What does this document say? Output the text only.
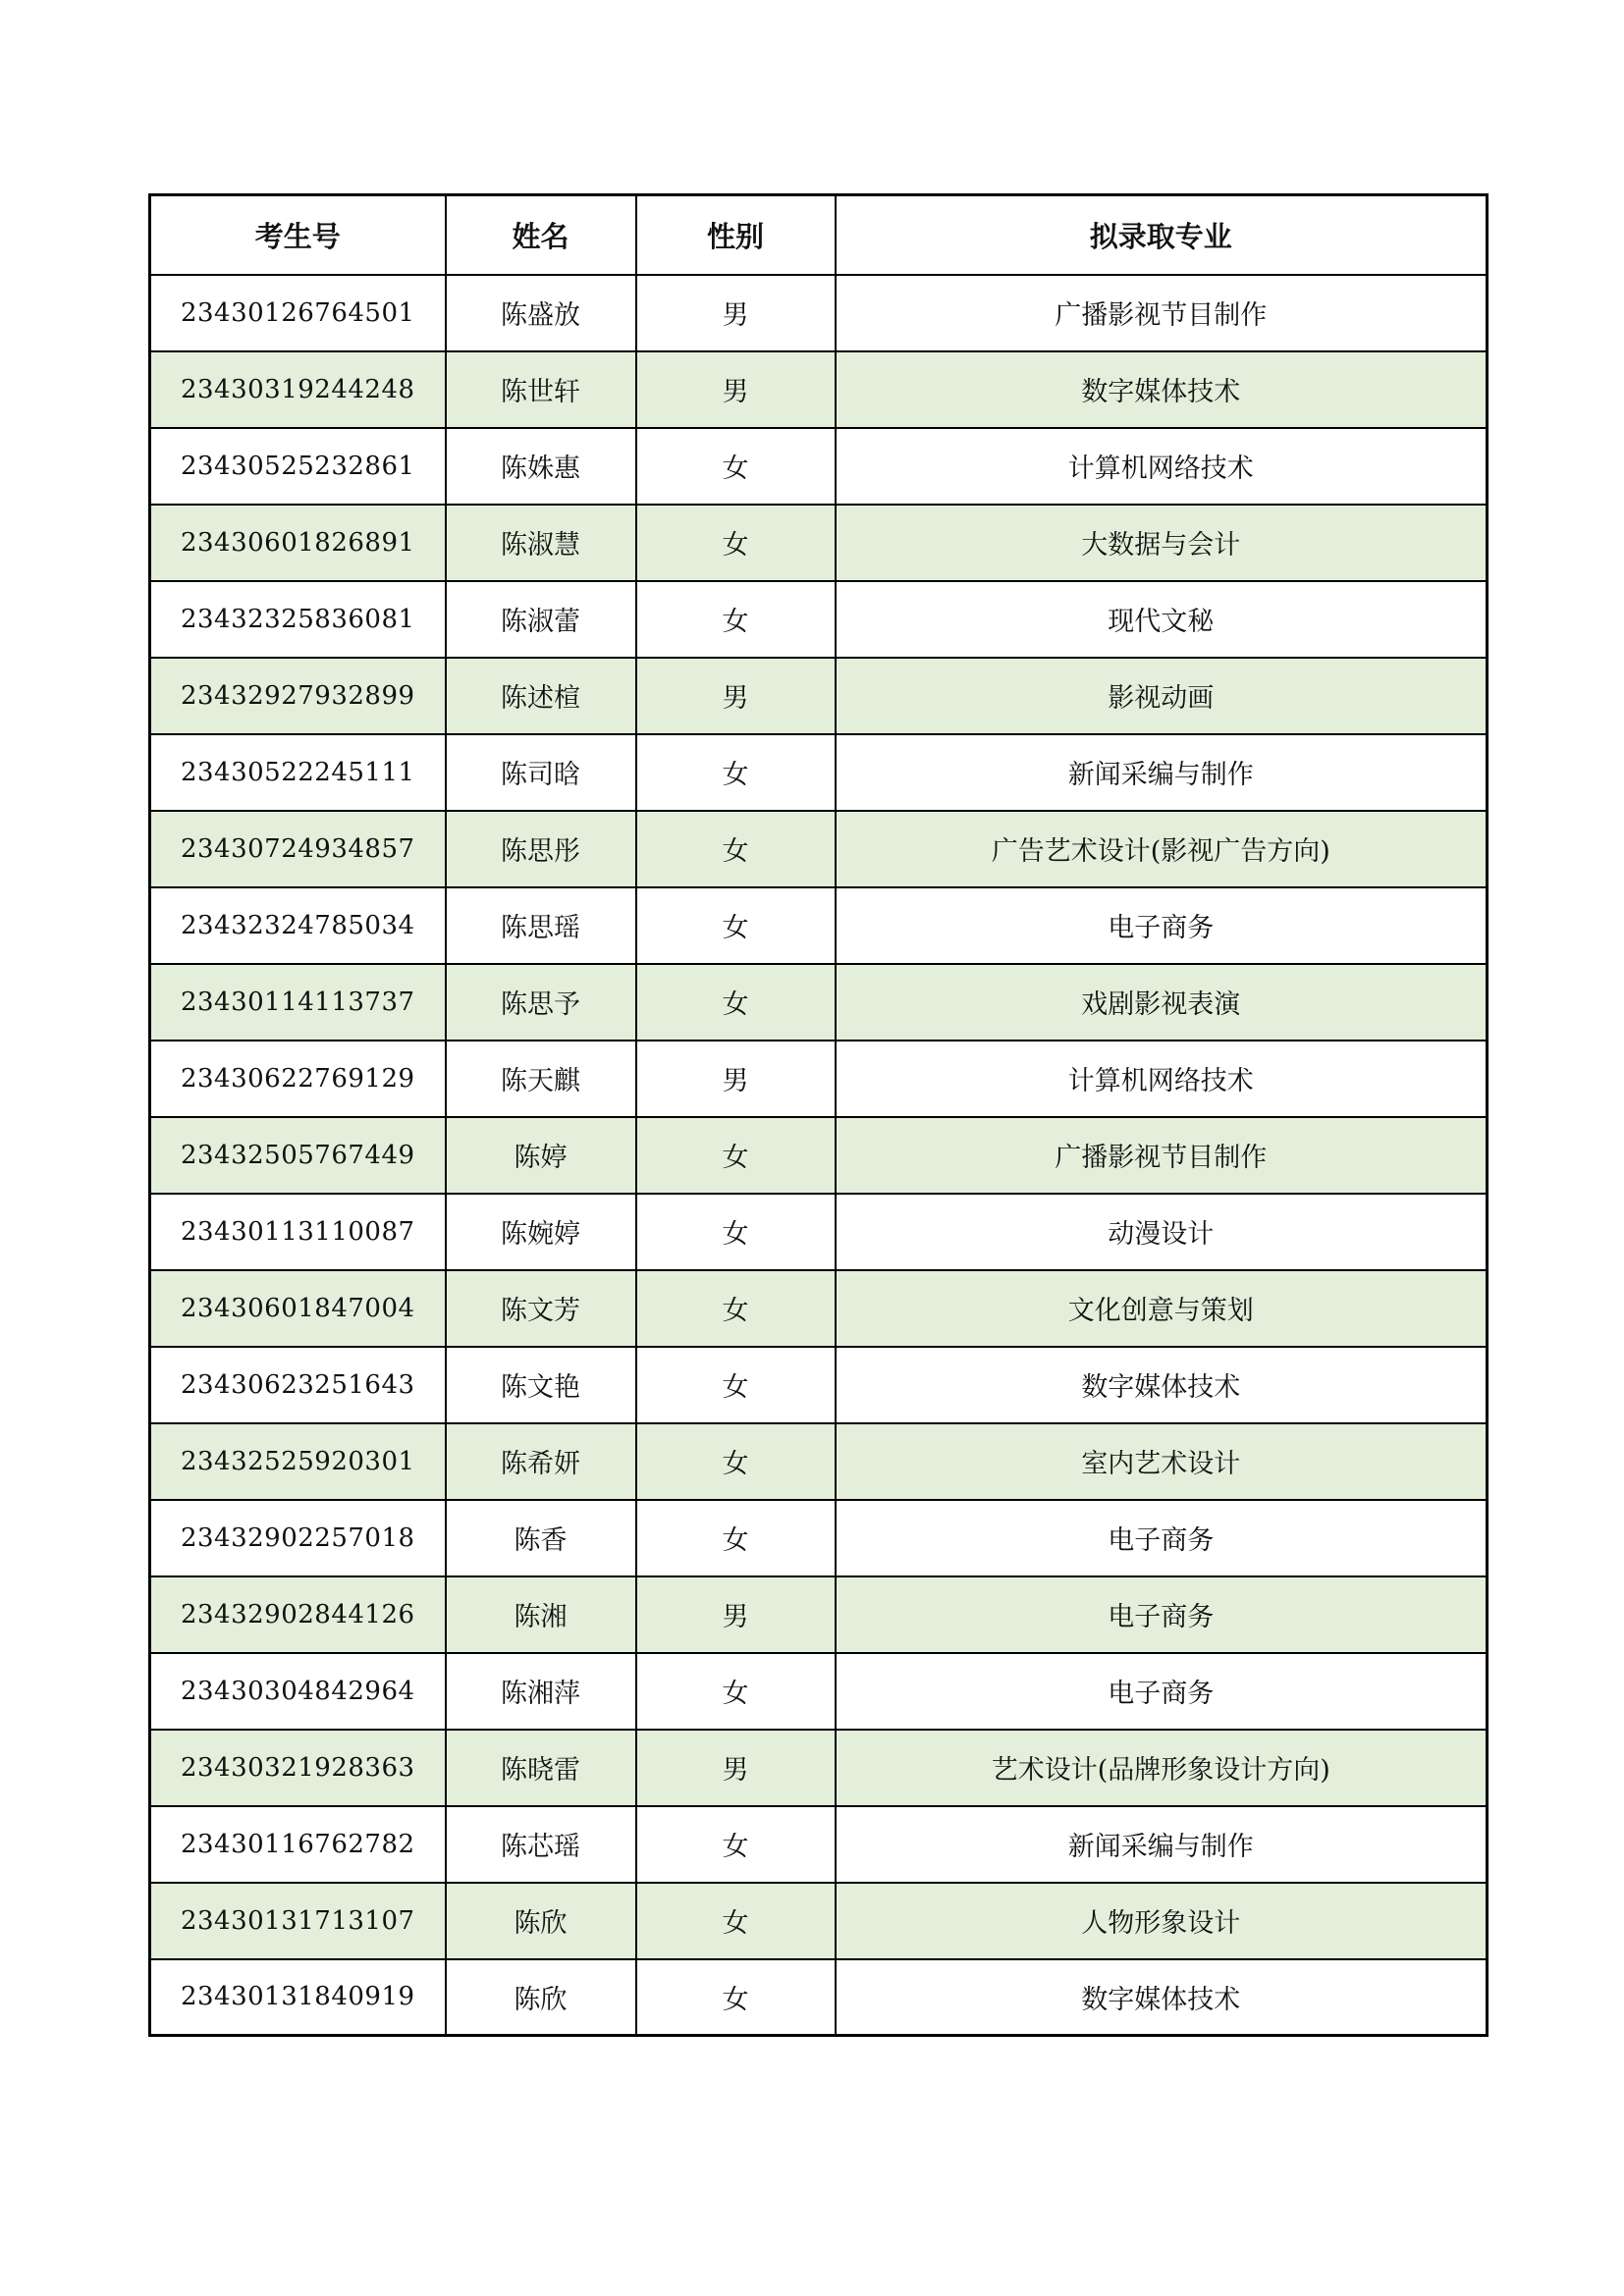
考生号	姓名	性别	拟录取专业
23430126764501	陈盛放	男	广播影视节目制作
23430319244248	陈世轩	男	数字媒体技术
23430525232861	陈姝惠	女	计算机网络技术
23430601826891	陈淑慧	女	大数据与会计
23432325836081	陈淑蕾	女	现代文秘
23432927932899	陈述楦	男	影视动画
23430522245111	陈司晗	女	新闻采编与制作
23430724934857	陈思彤	女	广告艺术设计(影视广告方向)
23432324785034	陈思瑶	女	电子商务
23430114113737	陈思予	女	戏剧影视表演
23430622769129	陈天麒	男	计算机网络技术
23432505767449	陈婷	女	广播影视节目制作
23430113110087	陈婉婷	女	动漫设计
23430601847004	陈文芳	女	文化创意与策划
23430623251643	陈文艳	女	数字媒体技术
23432525920301	陈希妍	女	室内艺术设计
23432902257018	陈香	女	电子商务
23432902844126	陈湘	男	电子商务
23430304842964	陈湘萍	女	电子商务
23430321928363	陈晓雷	男	艺术设计(品牌形象设计方向)
23430116762782	陈芯瑶	女	新闻采编与制作
23430131713107	陈欣	女	人物形象设计
23430131840919	陈欣	女	数字媒体技术
